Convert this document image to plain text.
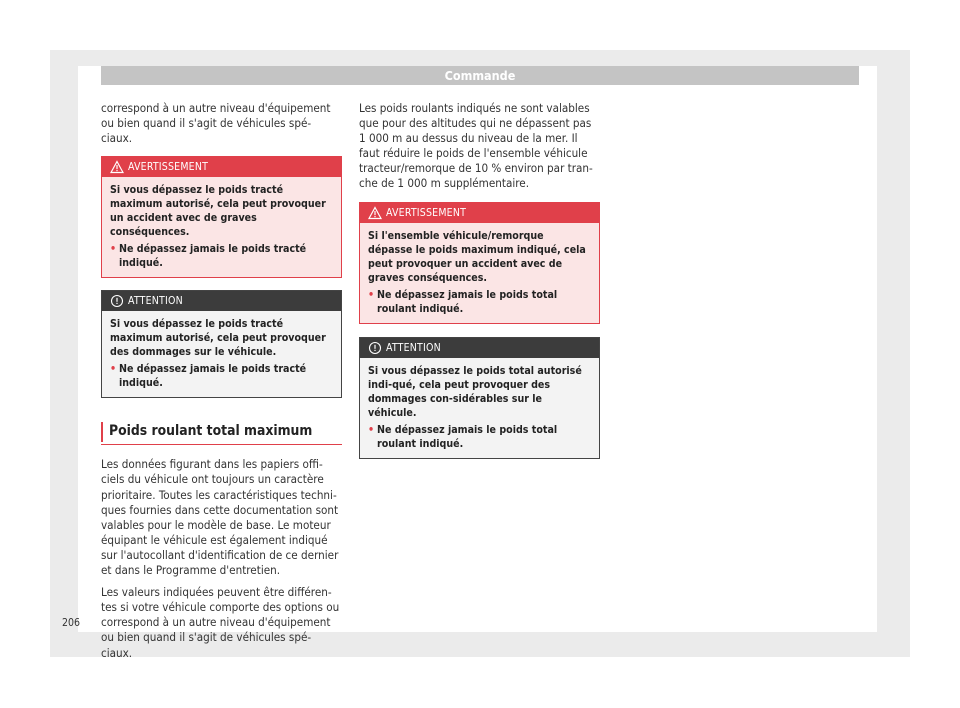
Commande

correspond à un autre niveau d'équipement ou bien quand il s'agit de véhicules spé-ciaux.

AVERTISSEMENT
Si vous dépassez le poids tracté maximum autorisé, cela peut provoquer un accident avec de graves conséquences.
• Ne dépassez jamais le poids tracté indiqué.
ATTENTION
Si vous dépassez le poids tracté maximum autorisé, cela peut provoquer des dommages sur le véhicule.
• Ne dépassez jamais le poids tracté indiqué.
Poids roulant total maximum

Les données figurant dans les papiers offi-ciels du véhicule ont toujours un caractère prioritaire. Toutes les caractéristiques techni-ques fournies dans cette documentation sont valables pour le modèle de base. Le moteur équipant le véhicule est également indiqué sur l'autocollant d'identification de ce dernier et dans le Programme d'entretien.

Les valeurs indiquées peuvent être différen-tes si votre véhicule comporte des options ou correspond à un autre niveau d'équipement ou bien quand il s'agit de véhicules spé-ciaux.

Les poids roulants indiqués ne sont valables que pour des altitudes qui ne dépassent pas 1 000 m au dessus du niveau de la mer. Il faut réduire le poids de l'ensemble véhicule tracteur/remorque de 10 % environ par tran-che de 1 000 m supplémentaire.

AVERTISSEMENT
Si l'ensemble véhicule/remorque dépasse le poids maximum indiqué, cela peut provoquer un accident avec de graves conséquences.
• Ne dépassez jamais le poids total roulant indiqué.
ATTENTION
Si vous dépassez le poids total autorisé indi-qué, cela peut provoquer des dommages con-sidérables sur le véhicule.
• Ne dépassez jamais le poids total roulant indiqué.
206
